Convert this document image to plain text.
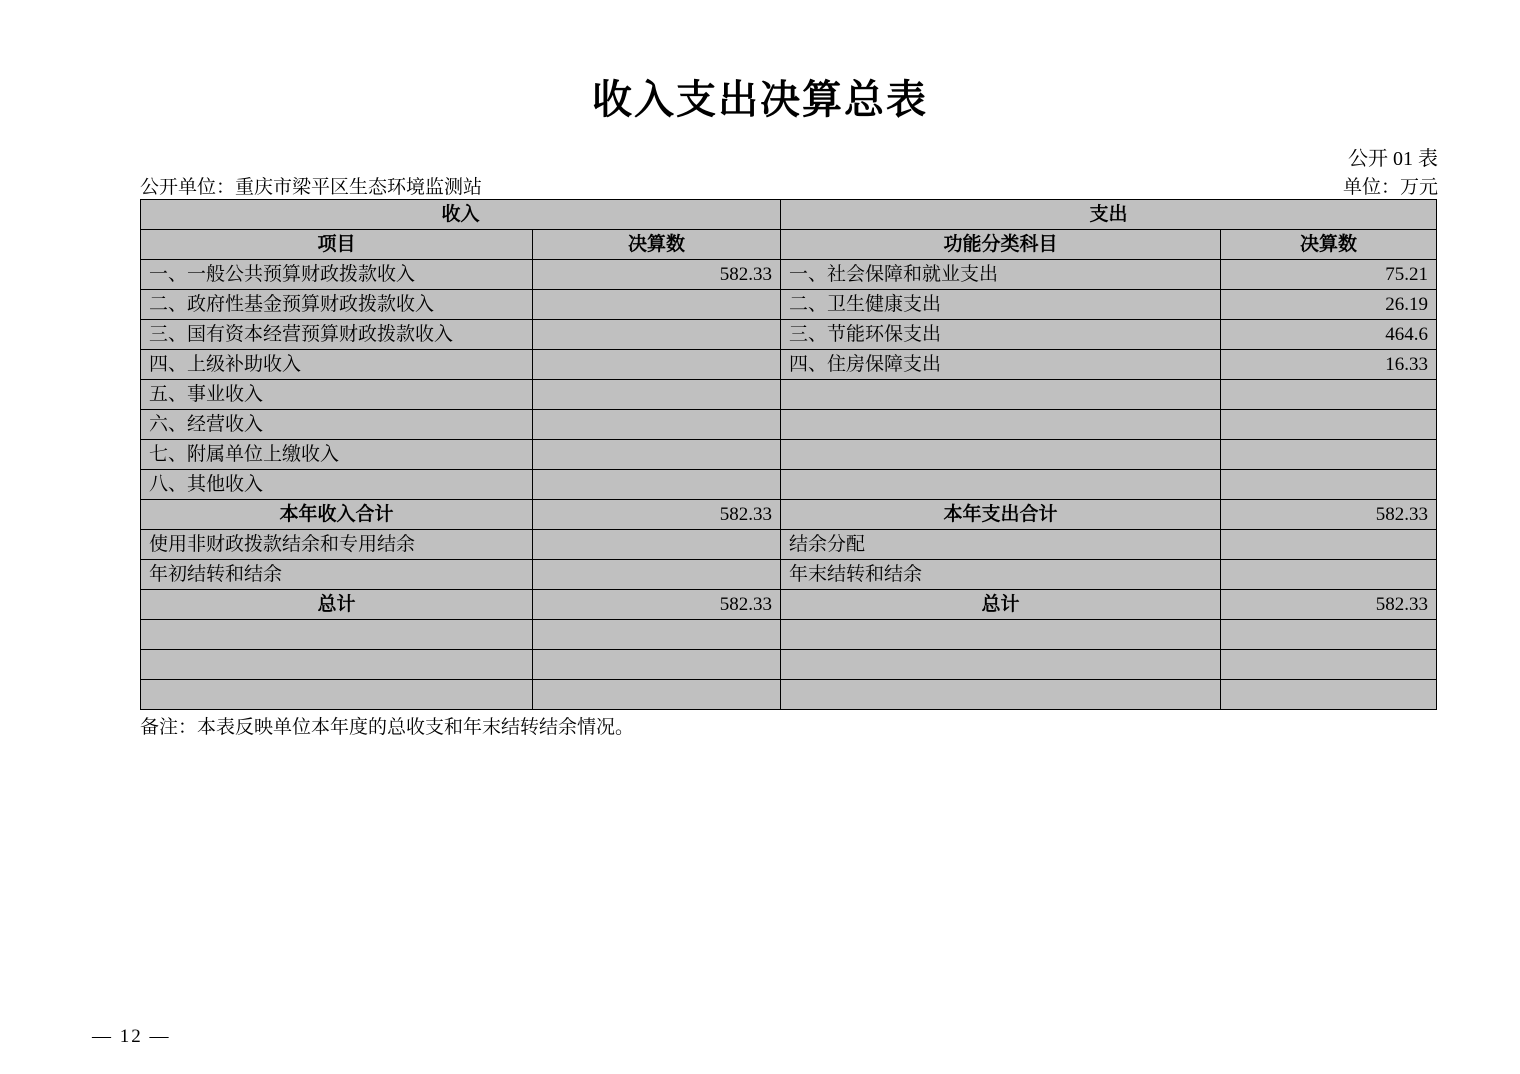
收入支出决算总表
公开 01 表
公开单位：重庆市梁平区生态环境监测站	单位：万元
收入		支出	
项目	决算数	功能分类科目	决算数
一、一般公共预算财政拨款收入	582.33	一、社会保障和就业支出	75.21
二、政府性基金预算财政拨款收入		二、卫生健康支出	26.19
三、国有资本经营预算财政拨款收入		三、节能环保支出	464.6
四、上级补助收入		四、住房保障支出	16.33
五、事业收入			
六、经营收入			
七、附属单位上缴收入			
八、其他收入			
本年收入合计	582.33	本年支出合计	582.33
使用非财政拨款结余和专用结余		结余分配	
年初结转和结余		年末结转和结余	
总计	582.33	总计	582.33

备注：本表反映单位本年度的总收支和年末结转结余情况。
— 12 —
